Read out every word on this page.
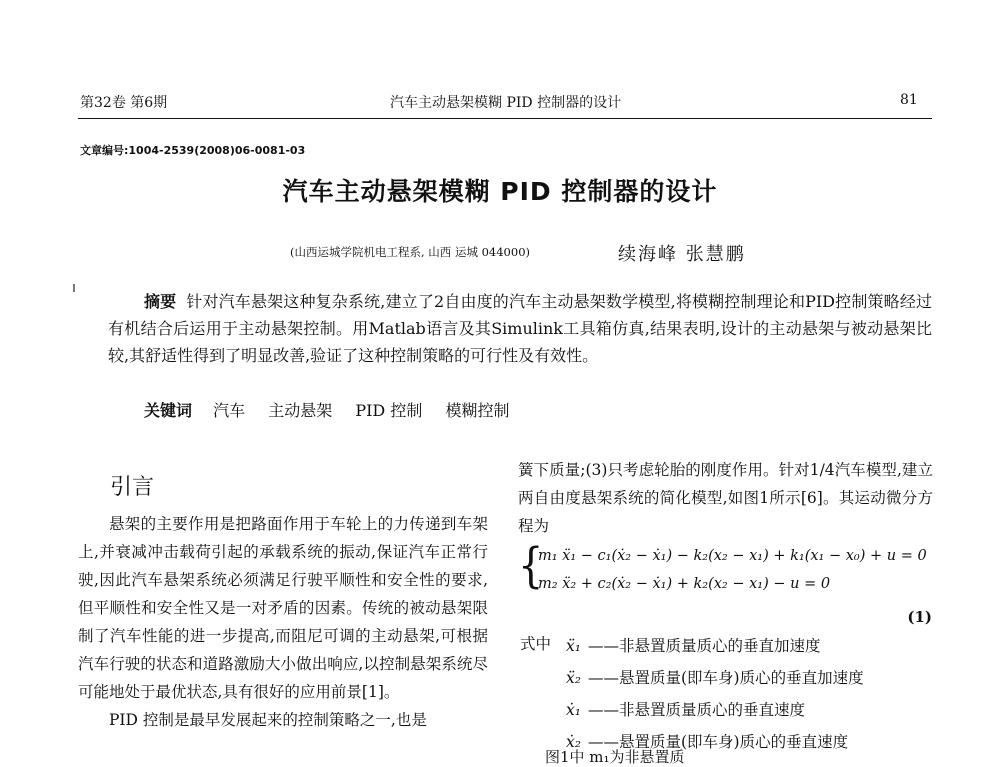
第32卷 第6期	汽车主动悬架模糊 PID 控制器的设计	81
文章编号:1004-2539(2008)06-0081-03
汽车主动悬架模糊 PID 控制器的设计
(山西运城学院机电工程系, 山西 运城 044000)	续海峰 张慧鹏
摘要 针对汽车悬架这种复杂系统,建立了2自由度的汽车主动悬架数学模型,将模糊控制理论和PID控制策略经过有机结合后运用于主动悬架控制。用Matlab语言及其Simulink工具箱仿真,结果表明,设计的主动悬架与被动悬架比较,其舒适性得到了明显改善,验证了这种控制策略的可行性及有效性。
关键词 汽车 主动悬架 PID 控制 模糊控制
引言

悬架的主要作用是把路面作用于车轮上的力传递到车架上,并衰减冲击载荷引起的承载系统的振动,保证汽车正常行驶,因此汽车悬架系统必须满足行驶平顺性和安全性的要求,但平顺性和安全性又是一对矛盾的因素。传统的被动悬架限制了汽车性能的进一步提高,而阻尼可调的主动悬架,可根据汽车行驶的状态和道路激励大小做出响应,以控制悬架系统尽可能地处于最优状态,具有很好的应用前景[1]。

PID 控制是最早发展起来的控制策略之一,也是

簧下质量;(3)只考虑轮胎的刚度作用。针对1/4汽车模型,建立两自由度悬架系统的简化模型,如图1所示[6]。其运动微分方程为

{
m₁ ẍ₁ − c₁(ẋ₂ − ẋ₁) − k₂(x₂ − x₁) + k₁(x₁ − x₀) + u = 0
m₂ ẍ₂ + c₂(ẋ₂ − ẋ₁) + k₂(x₂ − x₁) − u = 0
(1)
式中 ẍ₁ ——非悬置质量质心的垂直加速度
ẍ₂ ——悬置质量(即车身)质心的垂直加速度
ẋ₁ ——非悬置质量质心的垂直速度
ẋ₂ ——悬置质量(即车身)质心的垂直速度
图1中 m₁为非悬置质
